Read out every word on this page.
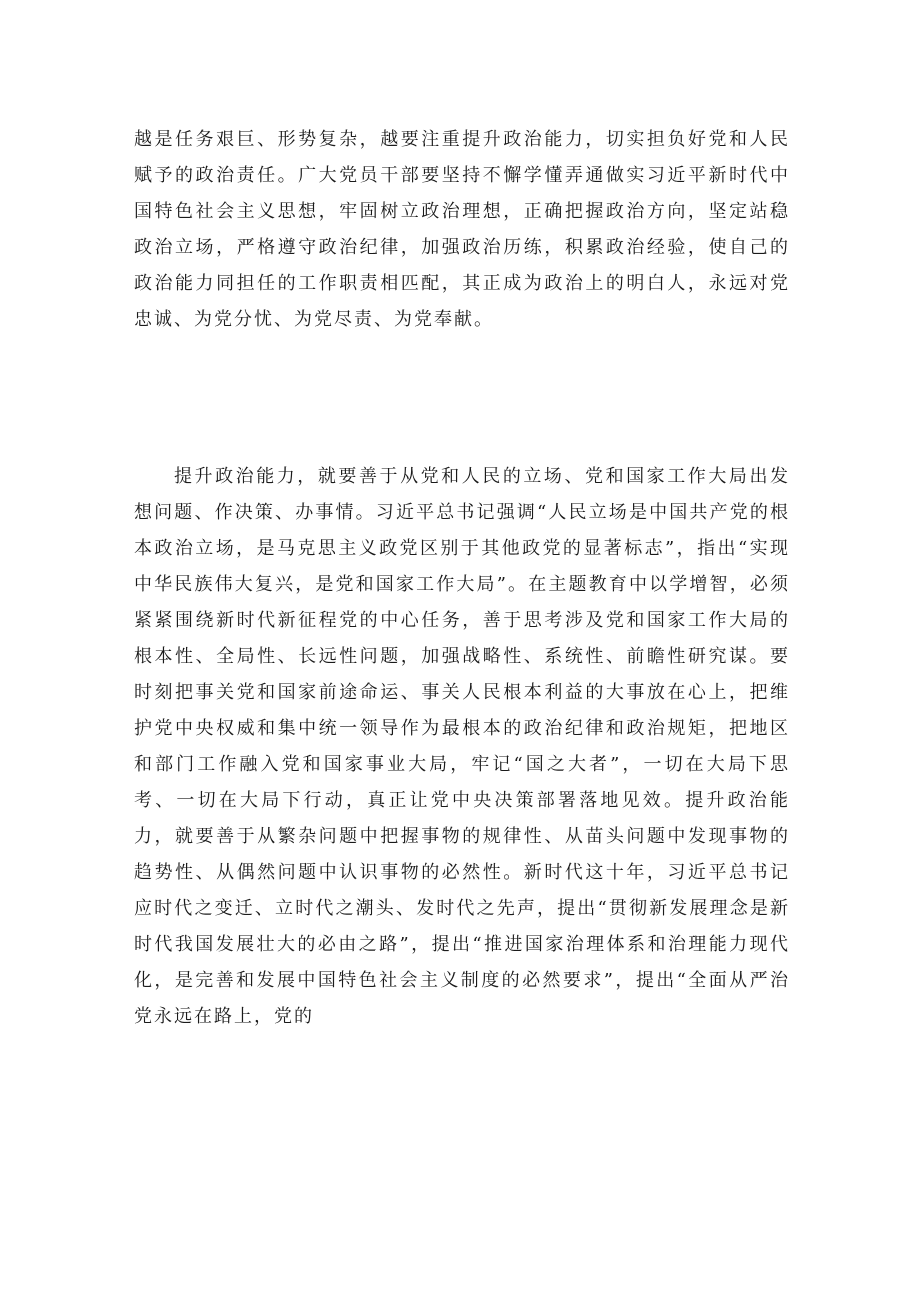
越是任务艰巨、形势复杂，越要注重提升政治能力，切实担负好党和人民赋予的政治责任。广大党员干部要坚持不懈学懂弄通做实习近平新时代中国特色社会主义思想，牢固树立政治理想，正确把握政治方向，坚定站稳政治立场，严格遵守政治纪律，加强政治历练，积累政治经验，使自己的政治能力同担任的工作职责相匹配，其正成为政治上的明白人，永远对党忠诚、为党分忧、为党尽责、为党奉献。

提升政治能力，就要善于从党和人民的立场、党和国家工作大局出发想问题、作决策、办事情。习近平总书记强调“人民立场是中国共产党的根本政治立场，是马克思主义政党区别于其他政党的显著标志”，指出“实现中华民族伟大复兴，是党和国家工作大局”。在主题教育中以学增智，必须紧紧围绕新时代新征程党的中心任务，善于思考涉及党和国家工作大局的根本性、全局性、长远性问题，加强战略性、系统性、前瞻性研究谋。要时刻把事关党和国家前途命运、事关人民根本利益的大事放在心上，把维护党中央权威和集中统一领导作为最根本的政治纪律和政治规矩，把地区和部门工作融入党和国家事业大局，牢记“国之大者”，一切在大局下思考、一切在大局下行动，真正让党中央决策部署落地见效。提升政治能力，就要善于从繁杂问题中把握事物的规律性、从苗头问题中发现事物的趋势性、从偶然问题中认识事物的必然性。新时代这十年，习近平总书记应时代之变迁、立时代之潮头、发时代之先声，提出“贯彻新发展理念是新时代我国发展壮大的必由之路”，提出“推进国家治理体系和治理能力现代化，是完善和发展中国特色社会主义制度的必然要求”，提出“全面从严治党永远在路上，党的
